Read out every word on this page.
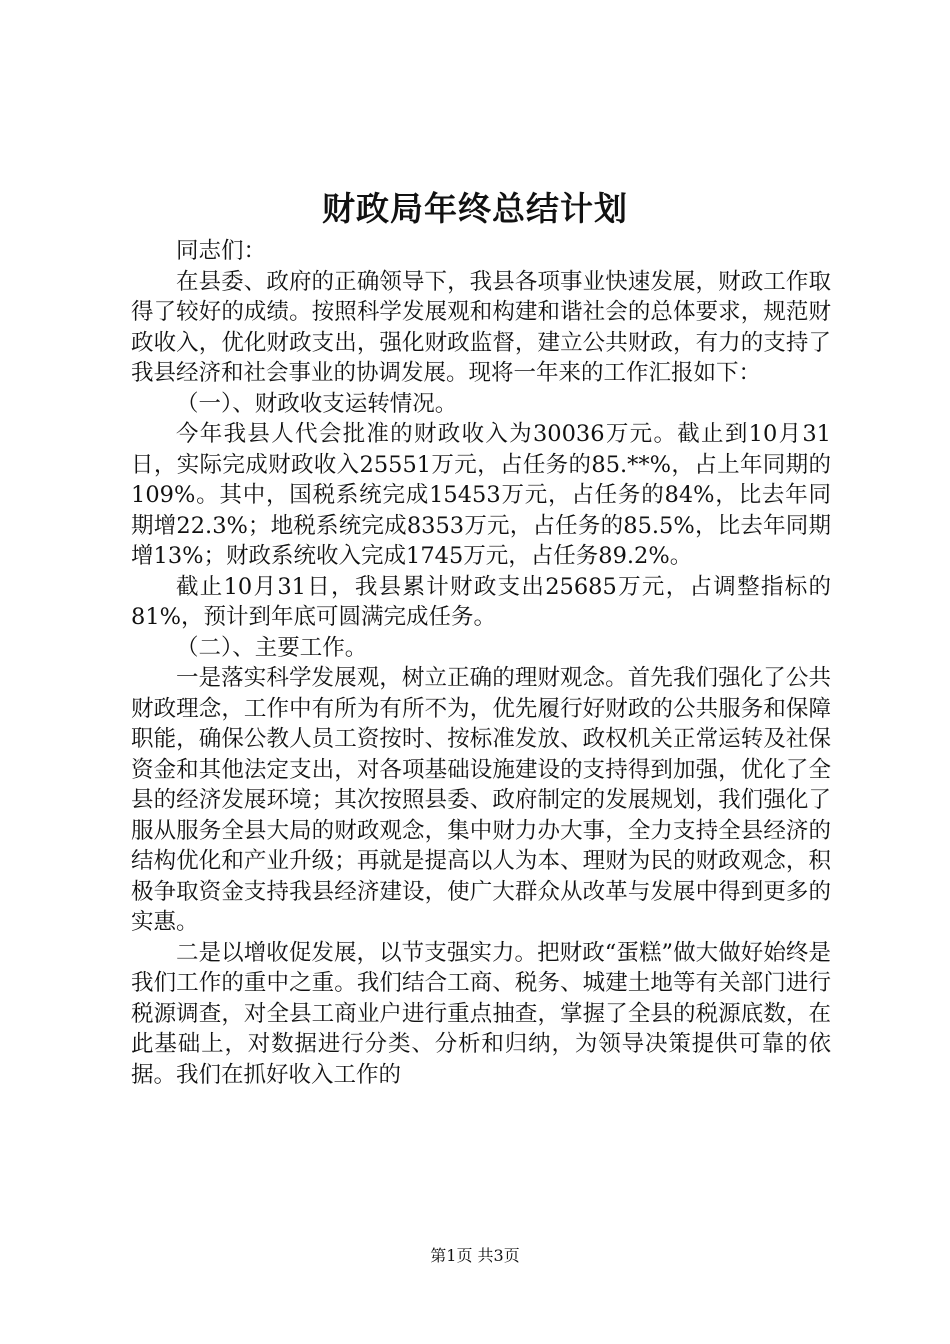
财政局年终总结计划

同志们：

在县委、政府的正确领导下，我县各项事业快速发展，财政工作取得了较好的成绩。按照科学发展观和构建和谐社会的总体要求，规范财政收入，优化财政支出，强化财政监督，建立公共财政，有力的支持了我县经济和社会事业的协调发展。现将一年来的工作汇报如下：

（一）、财政收支运转情况。

今年我县人代会批准的财政收入为30036万元。截止到10月31日，实际完成财政收入25551万元，占任务的85.**%，占上年同期的109%。其中，国税系统完成15453万元，占任务的84%，比去年同期增22.3%；地税系统完成8353万元，占任务的85.5%，比去年同期增13%；财政系统收入完成1745万元，占任务89.2%。

截止10月31日，我县累计财政支出25685万元，占调整指标的81%，预计到年底可圆满完成任务。

（二）、主要工作。

一是落实科学发展观，树立正确的理财观念。首先我们强化了公共财政理念，工作中有所为有所不为，优先履行好财政的公共服务和保障职能，确保公教人员工资按时、按标准发放、政权机关正常运转及社保资金和其他法定支出，对各项基础设施建设的支持得到加强，优化了全县的经济发展环境；其次按照县委、政府制定的发展规划，我们强化了服从服务全县大局的财政观念，集中财力办大事，全力支持全县经济的结构优化和产业升级；再就是提高以人为本、理财为民的财政观念，积极争取资金支持我县经济建设，使广大群众从改革与发展中得到更多的实惠。

二是以增收促发展，以节支强实力。把财政“蛋糕”做大做好始终是我们工作的重中之重。我们结合工商、税务、城建土地等有关部门进行税源调查，对全县工商业户进行重点抽查，掌握了全县的税源底数，在此基础上，对数据进行分类、分析和归纳，为领导决策提供可靠的依据。我们在抓好收入工作的

第1页 共3页
